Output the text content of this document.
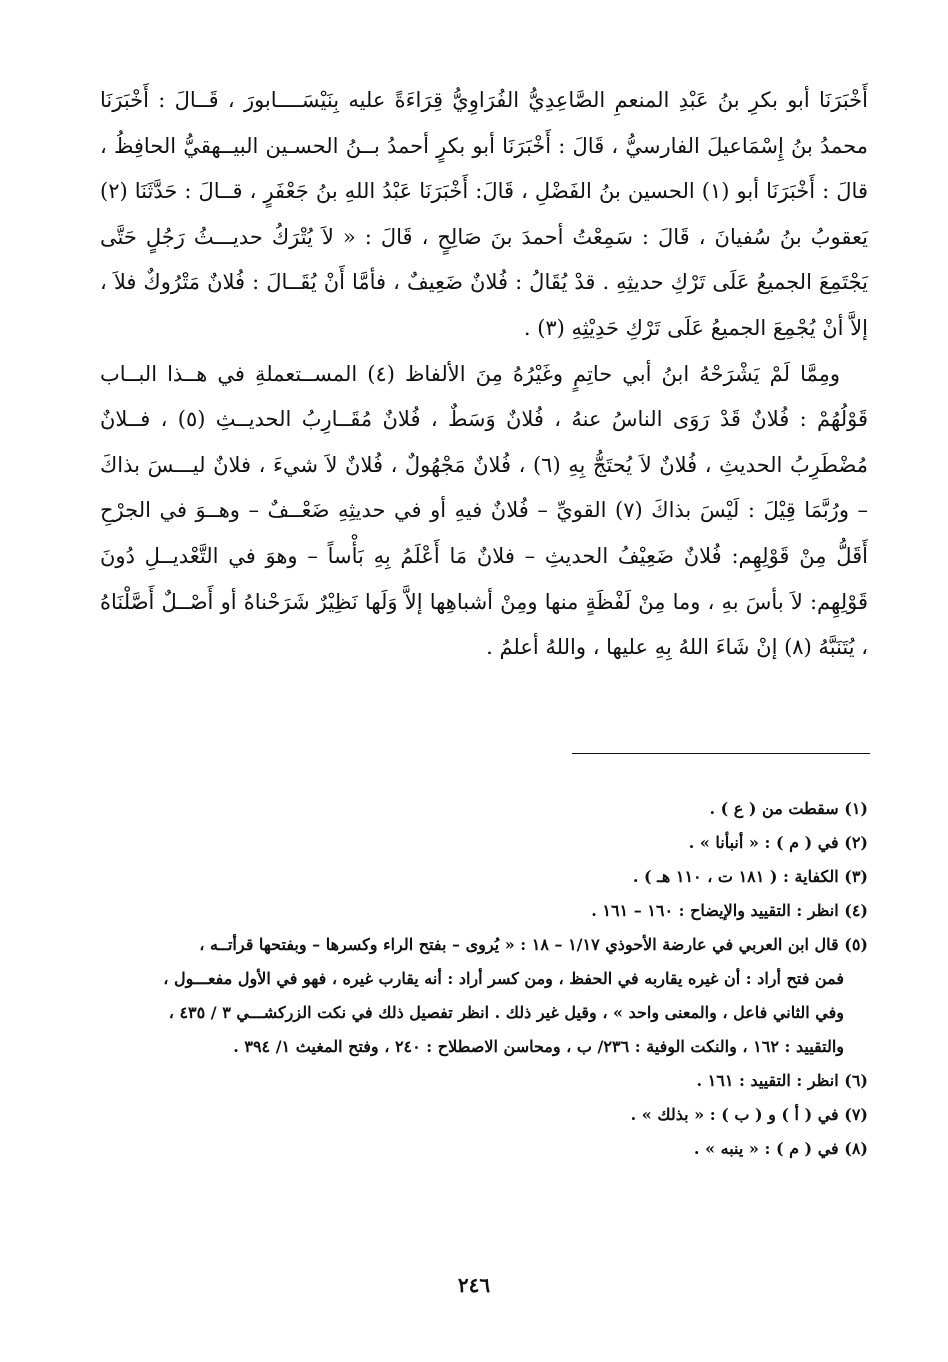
أَخْبَرَنَا أبو بكرِ بنُ عَبْدِ المنعمِ الصَّاعِدِيُّ الفُرَاوِيُّ قِرَاءَةً عليه بِنَيْسَــــابورَ ، قَــالَ : أَخْبَرَنَا محمدُ بنُ إِسْمَاعيلَ الفارسيُّ ، قَالَ : أَخْبَرَنَا أبو بكرٍ أحمدُ بــنُ الحسـين البيــهقيُّ الحافِظُ ، قالَ : أَخْبَرَنَا أبو (١) الحسين بنُ الفَضْلِ ، قَالَ: أَخْبَرَنَا عَبْدُ اللهِ بنُ جَعْفَرٍ ، قــالَ : حَدَّثَنَا (٢) يَعقوبُ بنُ سُفيانَ ، قَالَ : سَمِعْتُ أحمدَ بنَ صَالِحٍ ، قَالَ : « لاَ يُتْرَكُ حديـــثُ رَجُلٍ حَتَّى يَجْتَمِعَ الجميعُ عَلَى تَرْكِ حديثِهِ . قدْ يُقَالُ : فُلانٌ ضَعِيفٌ ، فأمَّا أَنْ يُقَــالَ : فُلانٌ مَتْرُوكٌ فلاَ ، إلاَّ أنْ يُجْمِعَ الجميعُ عَلَى تَرْكِ حَدِيْثِهِ (٣) .

ومِمَّا لَمْ يَشْرَحْهُ ابنُ أبي حاتِمٍ وغَيْرُهُ مِنَ الألفاظ (٤) المســتعملةِ في هــذا البــاب قَوْلُهُمْ : فُلانٌ قَدْ رَوَى الناسُ عنهُ ، فُلانٌ وَسَطٌ ، فُلانٌ مُقَــارِبُ الحديــثِ (٥) ، فــلانٌ مُضْطَرِبُ الحديثِ ، فُلانٌ لاَ يُحتَجُّ بِهِ (٦) ، فُلانٌ مَجْهُولٌ ، فُلانٌ لاَ شيءَ ، فلانٌ ليـــسَ بذاكَ – ورُبَّمَا قِيْلَ : لَيْسَ بذاكَ (٧) القويِّ – فُلانٌ فيهِ أو في حديثِهِ ضَعْــفٌ – وهــوَ في الجرْحِ أَقَلُّ مِنْ قَوْلِهِم: فُلانٌ ضَعِيْفُ الحديثِ – فلانٌ مَا أَعْلَمُ بِهِ بَأْساً – وهوَ في التَّعْديــلِ دُونَ قَوْلِهِم: لاَ بأسَ بهِ ، وما مِنْ لَفْظَةٍ منها ومِنْ أشباهِها إلاَّ وَلَها نَظِيْرٌ شَرَحْناهُ أو أَصْــلٌ أَصَّلْنَاهُ ، يُتَنَبَّهُ (٨) إنْ شَاءَ اللهُ بِهِ عليها ، واللهُ أعلمُ .

(١) سقطت من ( ع ) .

(٢) في ( م ) : « أنبأنا » .

(٣) الكفاية : ( ١٨١ ت ، ١١٠ هـ ) .

(٤) انظر : التقييد والإيضاح : ١٦٠ – ١٦١ .

(٥) قال ابن العربي في عارضة الأحوذي ١/١٧ – ١٨ : « يُروى – بفتح الراء وكسرها – وبفتحها قرأتــه ،

فمن فتح أراد : أن غيره يقاربه في الحفظ ، ومن كسر أراد : أنه يقارب غيره ، فهو في الأول مفعـــول ،

وفي الثاني فاعل ، والمعنى واحد » ، وقيل غير ذلك . انظر تفصيل ذلك في نكت الزركشـــي ٣ / ٤٣٥ ،

والتقييد : ١٦٢ ، والنكت الوفية : ٢٣٦/ ب ، ومحاسن الاصطلاح : ٢٤٠ ، وفتح المغيث ١/ ٣٩٤ .

(٦) انظر : التقييد : ١٦١ .

(٧) في ( أ ) و ( ب ) : « بذلك » .

(٨) في ( م ) : « ينبه » .

٢٤٦
